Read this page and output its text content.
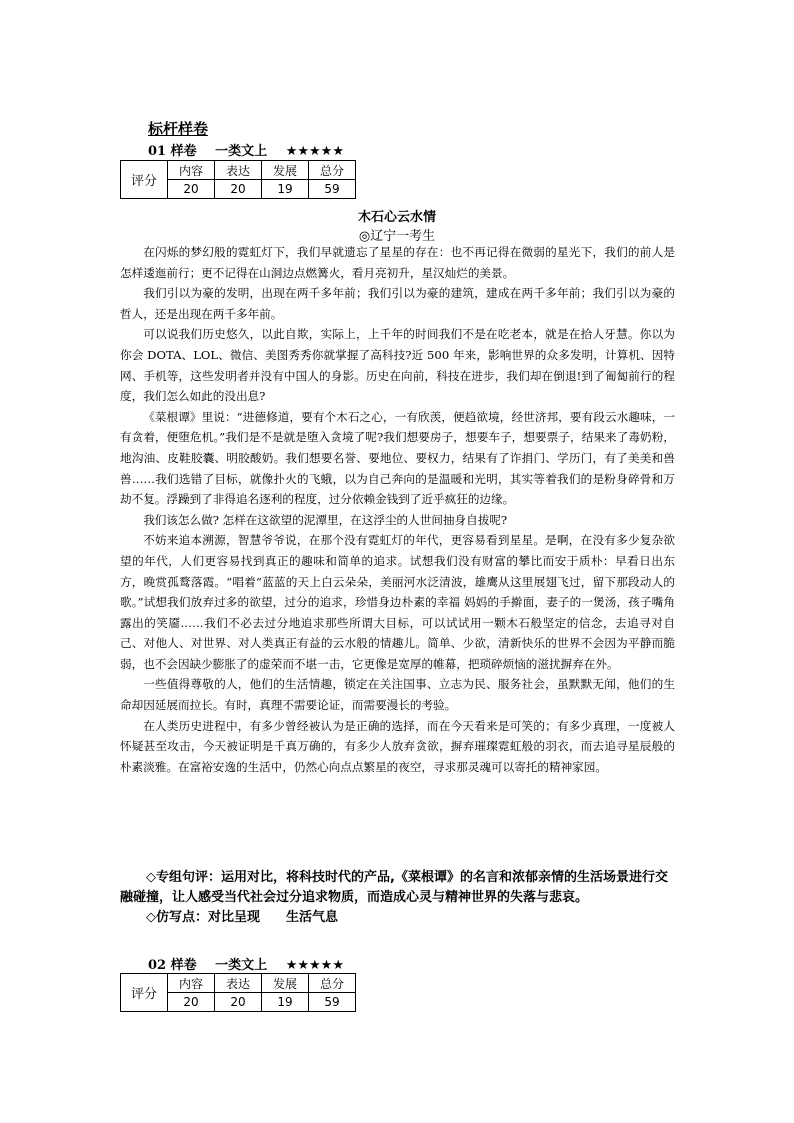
标杆样卷
01 样卷 一类文上 ★★★★★
评分	内容	表达	发展	总分
	20	20	19	59
木石心云水情
◎辽宁一考生

在闪烁的梦幻般的霓虹灯下，我们早就遗忘了星星的存在：也不再记得在微弱的星光下，我们的前人是怎样逶迤前行；更不记得在山洞边点燃篝火，看月亮初升，星汉灿烂的美景。

我们引以为豪的发明，出现在两千多年前；我们引以为豪的建筑，建成在两千多年前；我们引以为豪的哲人，还是出现在两千多年前。

可以说我们历史悠久，以此自欺，实际上，上千年的时间我们不是在吃老本，就是在拾人牙慧。你以为你会 DOTA、LOL、微信、美图秀秀你就掌握了高科技?近 500 年来，影响世界的众多发明，计算机、因特网、手机等，这些发明者并没有中国人的身影。历史在向前，科技在进步，我们却在倒退!到了匍匐前行的程度，我们怎么如此的没出息?

《菜根谭》里说：“进德修道，要有个木石之心，一有欣羡，便趋欲境，经世济邦，要有段云水趣味，一有贪着，便堕危机。”我们是不是就是堕入贪境了呢?我们想要房子，想要车子，想要票子，结果来了毒奶粉，地沟油、皮鞋胶囊、明胶酸奶。我们想要名誉、要地位、要权力，结果有了诈捐门、学历门，有了美美和兽兽……我们选错了目标，就像扑火的飞蛾，以为自己奔向的是温暖和光明，其实等着我们的是粉身碎骨和万劫不复。浮躁到了非得追名逐利的程度，过分依赖金钱到了近乎疯狂的边缘。

我们该怎么做? 怎样在这欲望的泥潭里，在这浮尘的人世间抽身自拔呢?

不妨来追本溯源，智慧爷爷说，在那个没有霓虹灯的年代，更容易看到星星。是啊，在没有多少复杂欲望的年代，人们更容易找到真正的趣味和简单的追求。试想我们没有财富的攀比而安于质朴：早看日出东方，晚赏孤鹜落霞。“唱着“蓝蓝的天上白云朵朵，美丽河水泛清波，雄鹰从这里展翅飞过，留下那段动人的歌。”试想我们放弃过多的欲望，过分的追求，珍惜身边朴素的幸福 妈妈的手擀面，妻子的一煲汤，孩子嘴角露出的笑靥……我们不必去过分地追求那些所谓大目标，可以试试用一颗木石般坚定的信念，去追寻对自己、对他人、对世界、对人类真正有益的云水般的情趣儿。简单、少欲，清新快乐的世界不会因为平静而脆弱，也不会因缺少膨胀了的虚荣而不堪一击，它更像是宽厚的帷幕，把琐碎烦恼的滋扰摒弃在外。

一些值得尊敬的人，他们的生活情趣，锁定在关注国事、立志为民、服务社会，虽默默无闻，他们的生命却因延展而拉长。有时，真理不需要论证，而需要漫长的考验。

在人类历史进程中，有多少曾经被认为是正确的选择，而在今天看来是可笑的；有多少真理，一度被人怀疑甚至攻击，今天被证明是千真万确的，有多少人放弃贪欲，摒弃璀璨霓虹般的羽衣，而去追寻星辰般的朴素淡雅。在富裕安逸的生活中，仍然心向点点繁星的夜空，寻求那灵魂可以寄托的精神家园。

◇专组句评：运用对比，将科技时代的产品,《菜根谭》的名言和浓郁亲情的生活场景进行交融碰撞，让人感受当代社会过分追求物质，而造成心灵与精神世界的失落与悲哀。

◇仿写点：对比呈现 生活气息

02 样卷 一类文上 ★★★★★
评分	内容	表达	发展	总分
	20	20	19	59
